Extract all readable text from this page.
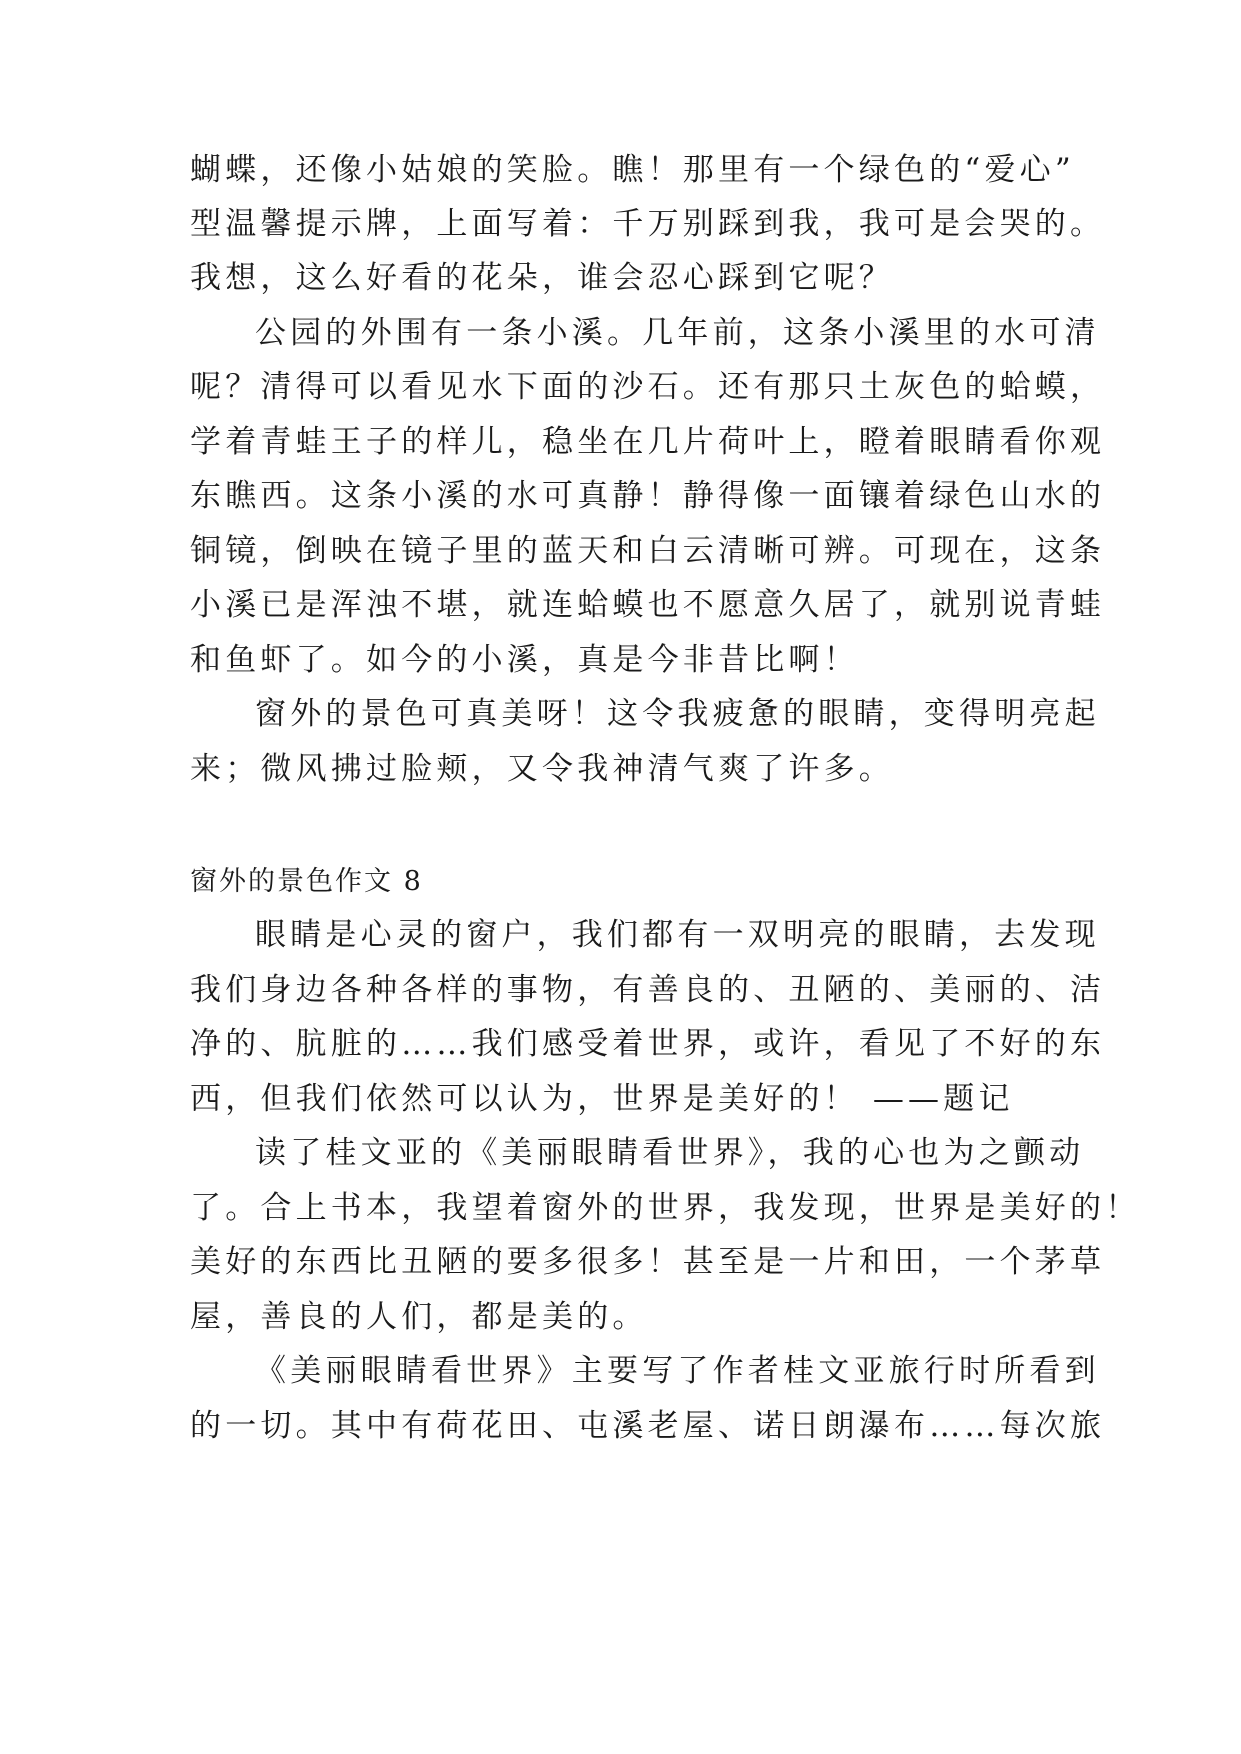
蝴蝶，还像小姑娘的笑脸。瞧！那里有一个绿色的“爱心”
型温馨提示牌，上面写着：千万别踩到我，我可是会哭的。
我想，这么好看的花朵，谁会忍心踩到它呢？
公园的外围有一条小溪。几年前，这条小溪里的水可清
呢？清得可以看见水下面的沙石。还有那只土灰色的蛤蟆，
学着青蛙王子的样儿，稳坐在几片荷叶上，瞪着眼睛看你观
东瞧西。这条小溪的水可真静！静得像一面镶着绿色山水的
铜镜，倒映在镜子里的蓝天和白云清晰可辨。可现在，这条
小溪已是浑浊不堪，就连蛤蟆也不愿意久居了，就别说青蛙
和鱼虾了。如今的小溪，真是今非昔比啊！
窗外的景色可真美呀！这令我疲惫的眼睛，变得明亮起
来；微风拂过脸颊，又令我神清气爽了许多。
窗外的景色作文 8
眼睛是心灵的窗户，我们都有一双明亮的眼睛，去发现
我们身边各种各样的事物，有善良的、丑陋的、美丽的、洁
净的、肮脏的……我们感受着世界，或许，看见了不好的东
西，但我们依然可以认为，世界是美好的！ ——题记
读了桂文亚的《美丽眼睛看世界》，我的心也为之颤动
了。合上书本，我望着窗外的世界，我发现，世界是美好的！
美好的东西比丑陋的要多很多！甚至是一片和田，一个茅草
屋，善良的人们，都是美的。
《美丽眼睛看世界》主要写了作者桂文亚旅行时所看到
的一切。其中有荷花田、屯溪老屋、诺日朗瀑布……每次旅
